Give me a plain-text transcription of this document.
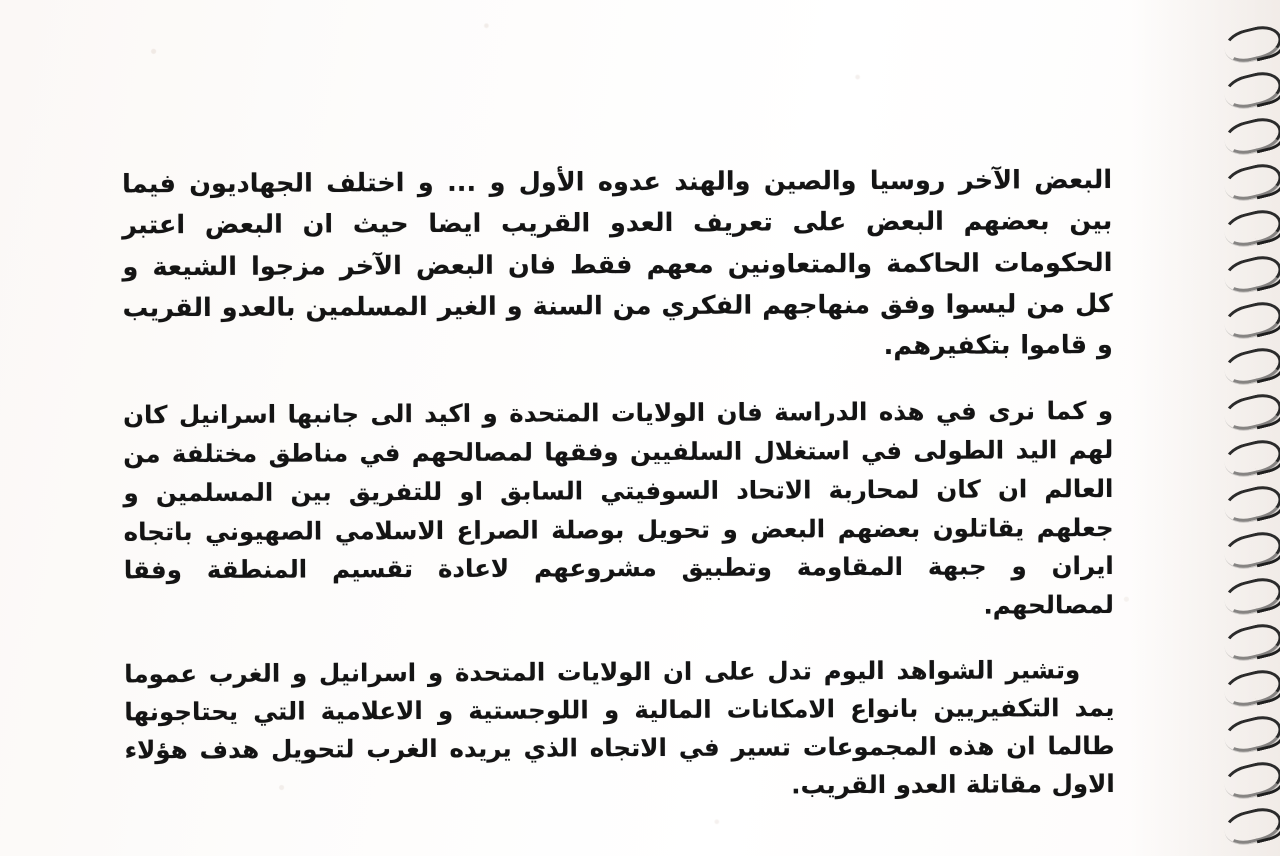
البعض الآخر روسيا والصين والهند عدوه الأول و ... و اختلف الجهاديون فيما بين بعضهم البعض على تعريف العدو القريب ايضا حيث ان البعض اعتبر الحكومات الحاكمة والمتعاونين معهم فقط فان البعض الآخر مزجوا الشيعة و كل من ليسوا وفق منهاجهم الفكري من السنة و الغير المسلمين بالعدو القريب و قاموا بتكفيرهم.

و كما نرى في هذه الدراسة فان الولايات المتحدة و اكيد الى جانبها اسرانيل كان لهم اليد الطولى في استغلال السلفيين وفقها لمصالحهم في مناطق مختلفة من العالم ان كان لمحاربة الاتحاد السوفيتي السابق او للتفريق بين المسلمين و جعلهم يقاتلون بعضهم البعض و تحويل بوصلة الصراع الاسلامي الصهيوني باتجاه ايران و جبهة المقاومة وتطبيق مشروعهم لاعادة تقسيم المنطقة وفقا لمصالحهم.

وتشير الشواهد اليوم تدل على ان الولايات المتحدة و اسرانيل و الغرب عموما يمد التكفيريين بانواع الامكانات المالية و اللوجستية و الاعلامية التي يحتاجونها طالما ان هذه المجموعات تسير في الاتجاه الذي يريده الغرب لتحويل هدف هؤلاء الاول مقاتلة العدو القريب.
